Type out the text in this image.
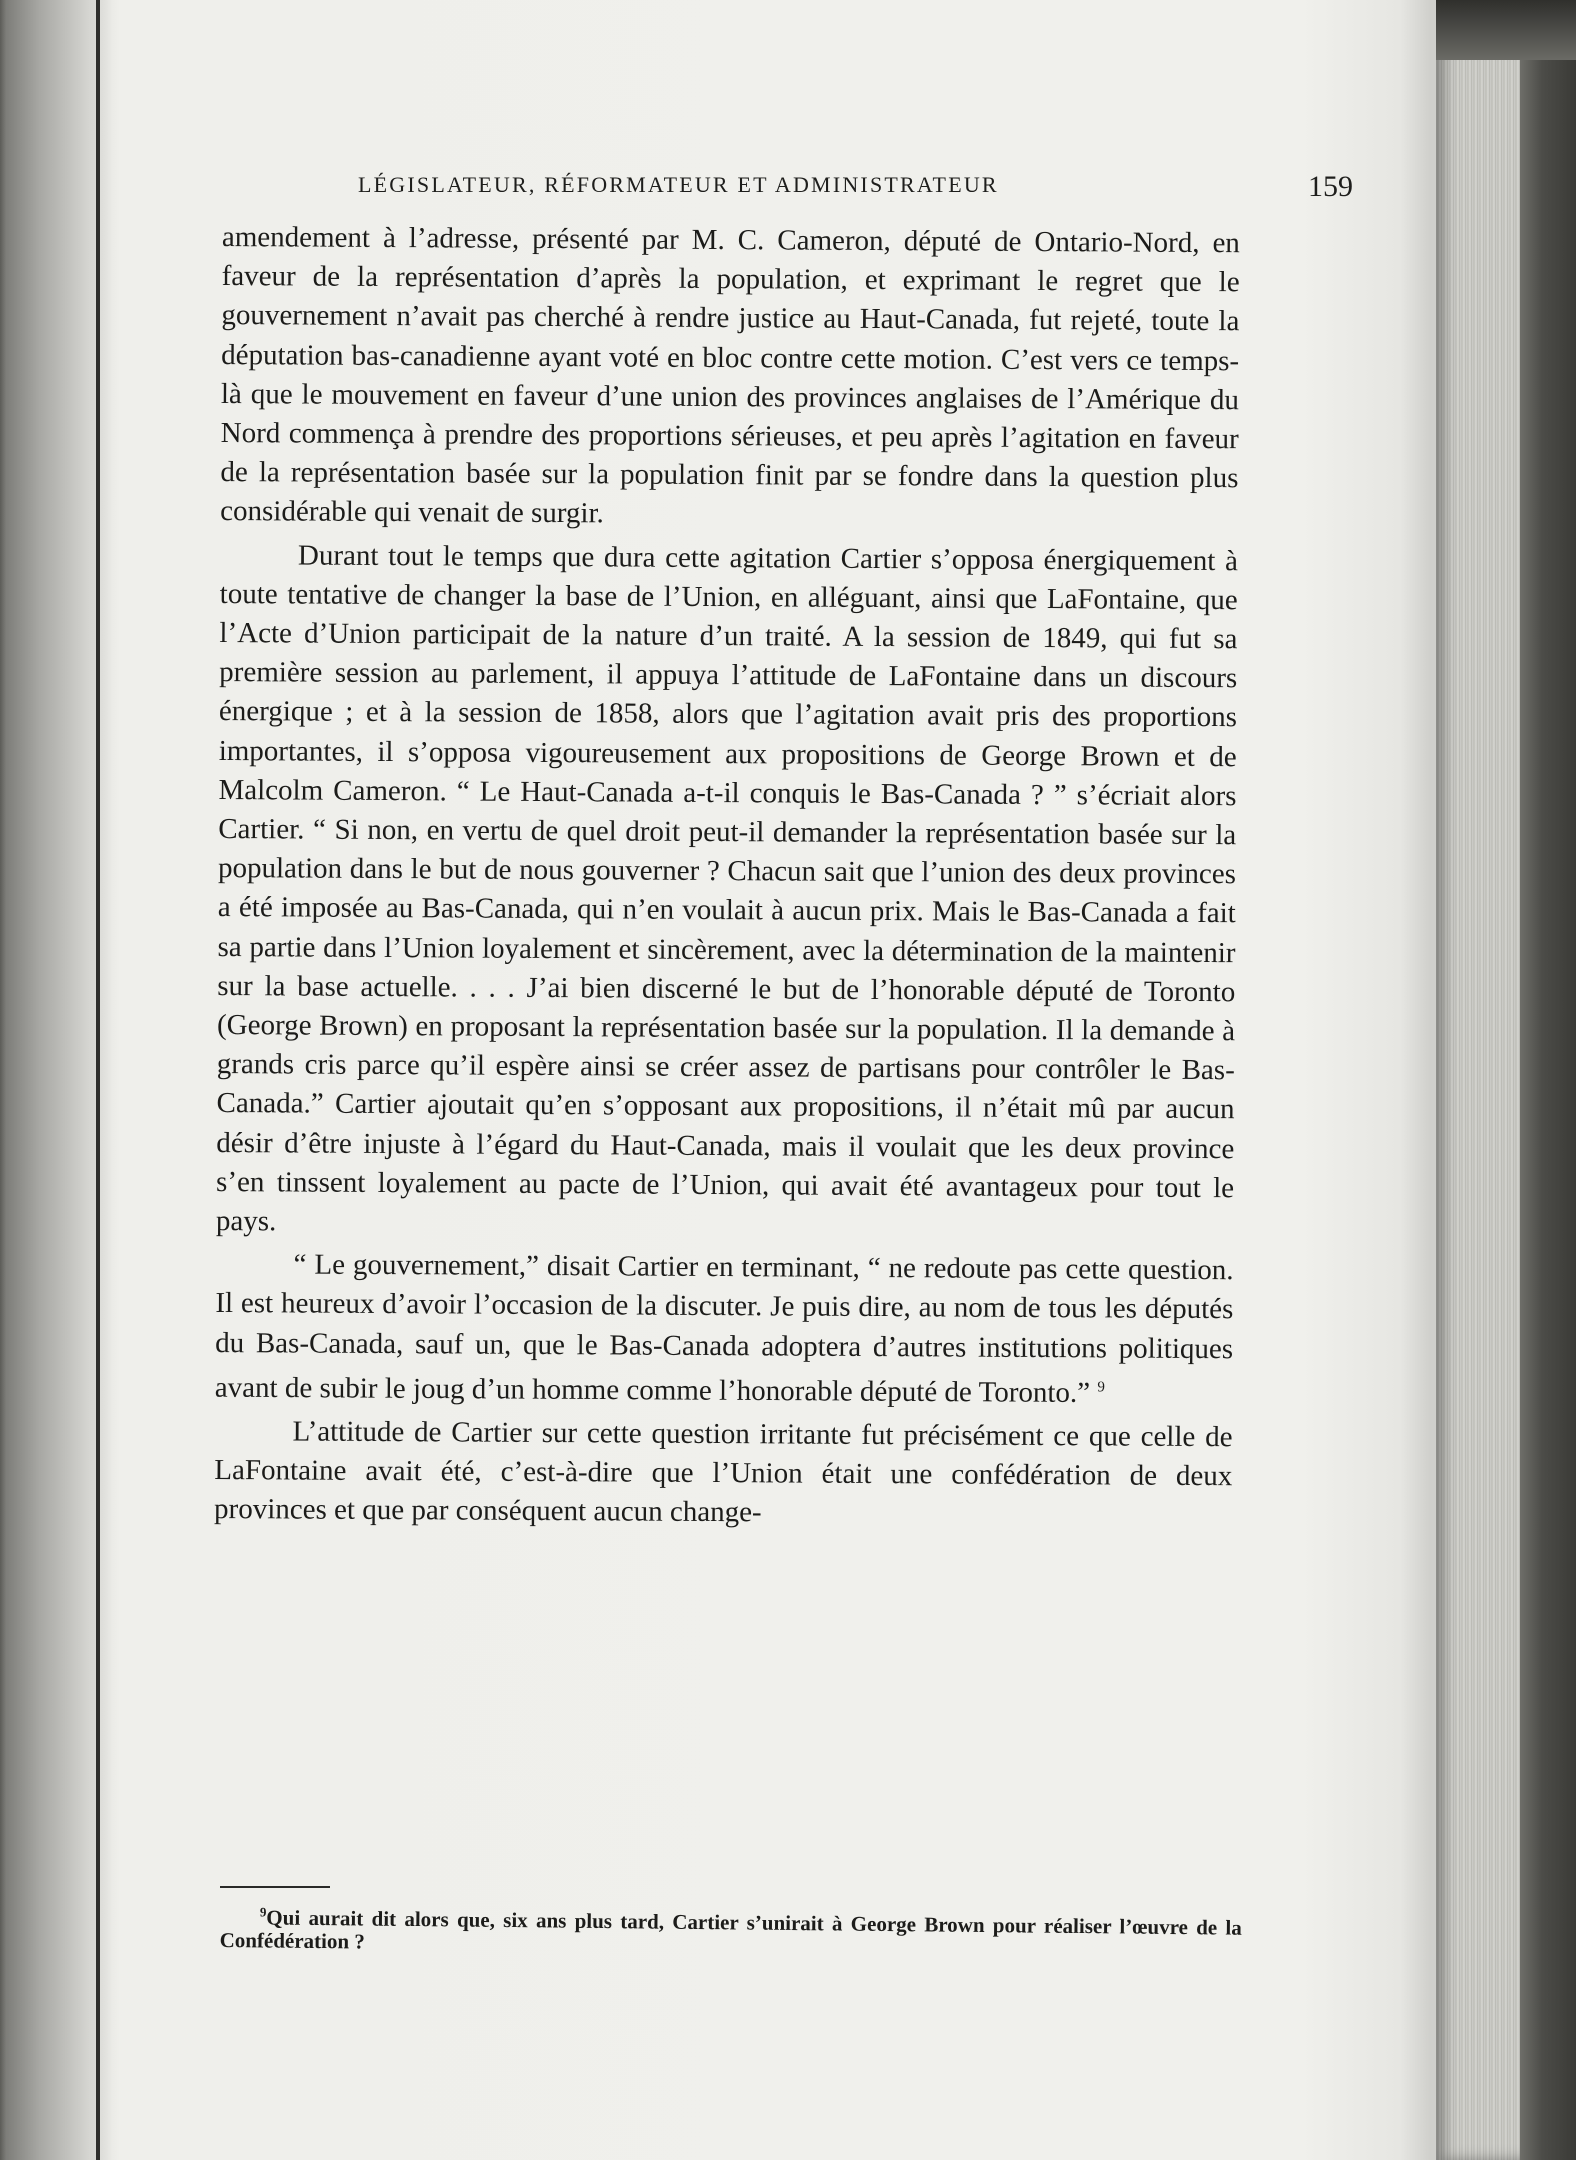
LÉGISLATEUR, RÉFORMATEUR ET ADMINISTRATEUR	159

amendement à l’adresse, présenté par M. C. Cameron, député de Ontario-Nord, en faveur de la représentation d’après la population, et exprimant le regret que le gouvernement n’avait pas cherché à rendre justice au Haut-Canada, fut rejeté, toute la députation bas-canadienne ayant voté en bloc contre cette motion. C’est vers ce temps-là que le mouvement en faveur d’une union des provinces anglaises de l’Amérique du Nord commença à prendre des proportions sérieuses, et peu après l’agitation en faveur de la représentation basée sur la population finit par se fondre dans la question plus considérable qui venait de surgir.

Durant tout le temps que dura cette agitation Cartier s’opposa énergiquement à toute tentative de changer la base de l’Union, en alléguant, ainsi que LaFontaine, que l’Acte d’Union participait de la nature d’un traité. A la session de 1849, qui fut sa première session au parlement, il appuya l’attitude de LaFontaine dans un discours énergique ; et à la session de 1858, alors que l’agitation avait pris des proportions importantes, il s’opposa vigoureusement aux propositions de George Brown et de Malcolm Cameron. “ Le Haut-Canada a-t-il conquis le Bas-Canada ? ” s’écriait alors Cartier. “ Si non, en vertu de quel droit peut-il demander la représentation basée sur la population dans le but de nous gouverner ? Chacun sait que l’union des deux provinces a été imposée au Bas-Canada, qui n’en voulait à aucun prix. Mais le Bas-Canada a fait sa partie dans l’Union loyalement et sincèrement, avec la détermination de la maintenir sur la base actuelle. . . . J’ai bien discerné le but de l’honorable député de Toronto (George Brown) en proposant la représentation basée sur la population. Il la demande à grands cris parce qu’il espère ainsi se créer assez de partisans pour contrôler le Bas-Canada.” Cartier ajoutait qu’en s’opposant aux propositions, il n’était mû par aucun désir d’être injuste à l’égard du Haut-Canada, mais il voulait que les deux province s’en tinssent loyalement au pacte de l’Union, qui avait été avantageux pour tout le pays.

“ Le gouvernement,” disait Cartier en terminant, “ ne redoute pas cette question. Il est heureux d’avoir l’occasion de la discuter. Je puis dire, au nom de tous les députés du Bas-Canada, sauf un, que le Bas-Canada adoptera d’autres institutions politiques avant de subir le joug d’un homme comme l’honorable député de Toronto.” $^9$

L’attitude de Cartier sur cette question irritante fut précisément ce que celle de LaFontaine avait été, c’est-à-dire que l’Union était une confédération de deux provinces et que par conséquent aucun change-

$^9$Qui aurait dit alors que, six ans plus tard, Cartier s’unirait à George Brown pour réaliser l’œuvre de la Confédération ?
